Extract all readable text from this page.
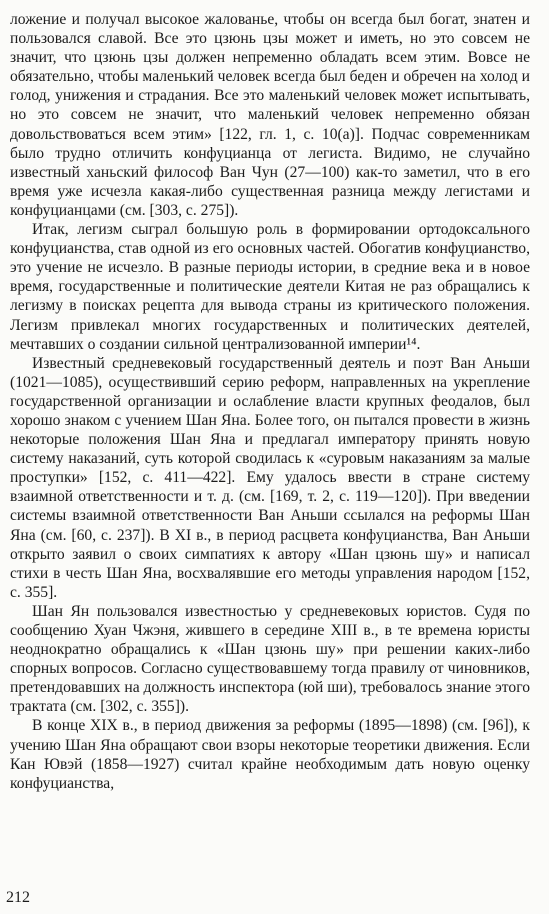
ложение и получал высокое жалованье, чтобы он всегда был богат, знатен и пользовался славой. Все это цзюнь цзы может и иметь, но это совсем не значит, что цзюнь цзы должен непременно обладать всем этим. Вовсе не обязательно, чтобы маленький человек всегда был беден и обречен на холод и голод, унижения и страдания. Все это маленький человек может испытывать, но это совсем не значит, что маленький человек непременно обязан довольствоваться всем этим» [122, гл. 1, с. 10(а)]. Подчас современникам было трудно отличить конфуцианца от легиста. Видимо, не случайно известный ханьский философ Ван Чун (27—100) как-то заметил, что в его время уже исчезла какая-либо существенная разница между легистами и конфуцианцами (см. [303, с. 275]).

Итак, легизм сыграл большую роль в формировании ортодоксального конфуцианства, став одной из его основных частей. Обогатив конфуцианство, это учение не исчезло. В разные периоды истории, в средние века и в новое время, государственные и политические деятели Китая не раз обращались к легизму в поисках рецепта для вывода страны из критического положения. Легизм привлекал многих государственных и политических деятелей, мечтавших о создании сильной централизованной империи¹⁴.

Известный средневековый государственный деятель и поэт Ван Аньши (1021—1085), осуществивший серию реформ, направленных на укрепление государственной организации и ослабление власти крупных феодалов, был хорошо знаком с учением Шан Яна. Более того, он пытался провести в жизнь некоторые положения Шан Яна и предлагал императору принять новую систему наказаний, суть которой сводилась к «суровым наказаниям за малые проступки» [152, с. 411—422]. Ему удалось ввести в стране систему взаимной ответственности и т. д. (см. [169, т. 2, с. 119—120]). При введении системы взаимной ответственности Ван Аньши ссылался на реформы Шан Яна (см. [60, с. 237]). В XI в., в период расцвета конфуцианства, Ван Аньши открыто заявил о своих симпатиях к автору «Шан цзюнь шу» и написал стихи в честь Шан Яна, восхвалявшие его методы управления народом [152, с. 355].

Шан Ян пользовался известностью у средневековых юристов. Судя по сообщению Хуан Чжэня, жившего в середине XIII в., в те времена юристы неоднократно обращались к «Шан цзюнь шу» при решении каких-либо спорных вопросов. Согласно существовавшему тогда правилу от чиновников, претендовавших на должность инспектора (юй ши), требовалось знание этого трактата (см. [302, с. 355]).

В конце XIX в., в период движения за реформы (1895—1898) (см. [96]), к учению Шан Яна обращают свои взоры некоторые теоретики движения. Если Кан Ювэй (1858—1927) считал крайне необходимым дать новую оценку конфуцианства,

212
